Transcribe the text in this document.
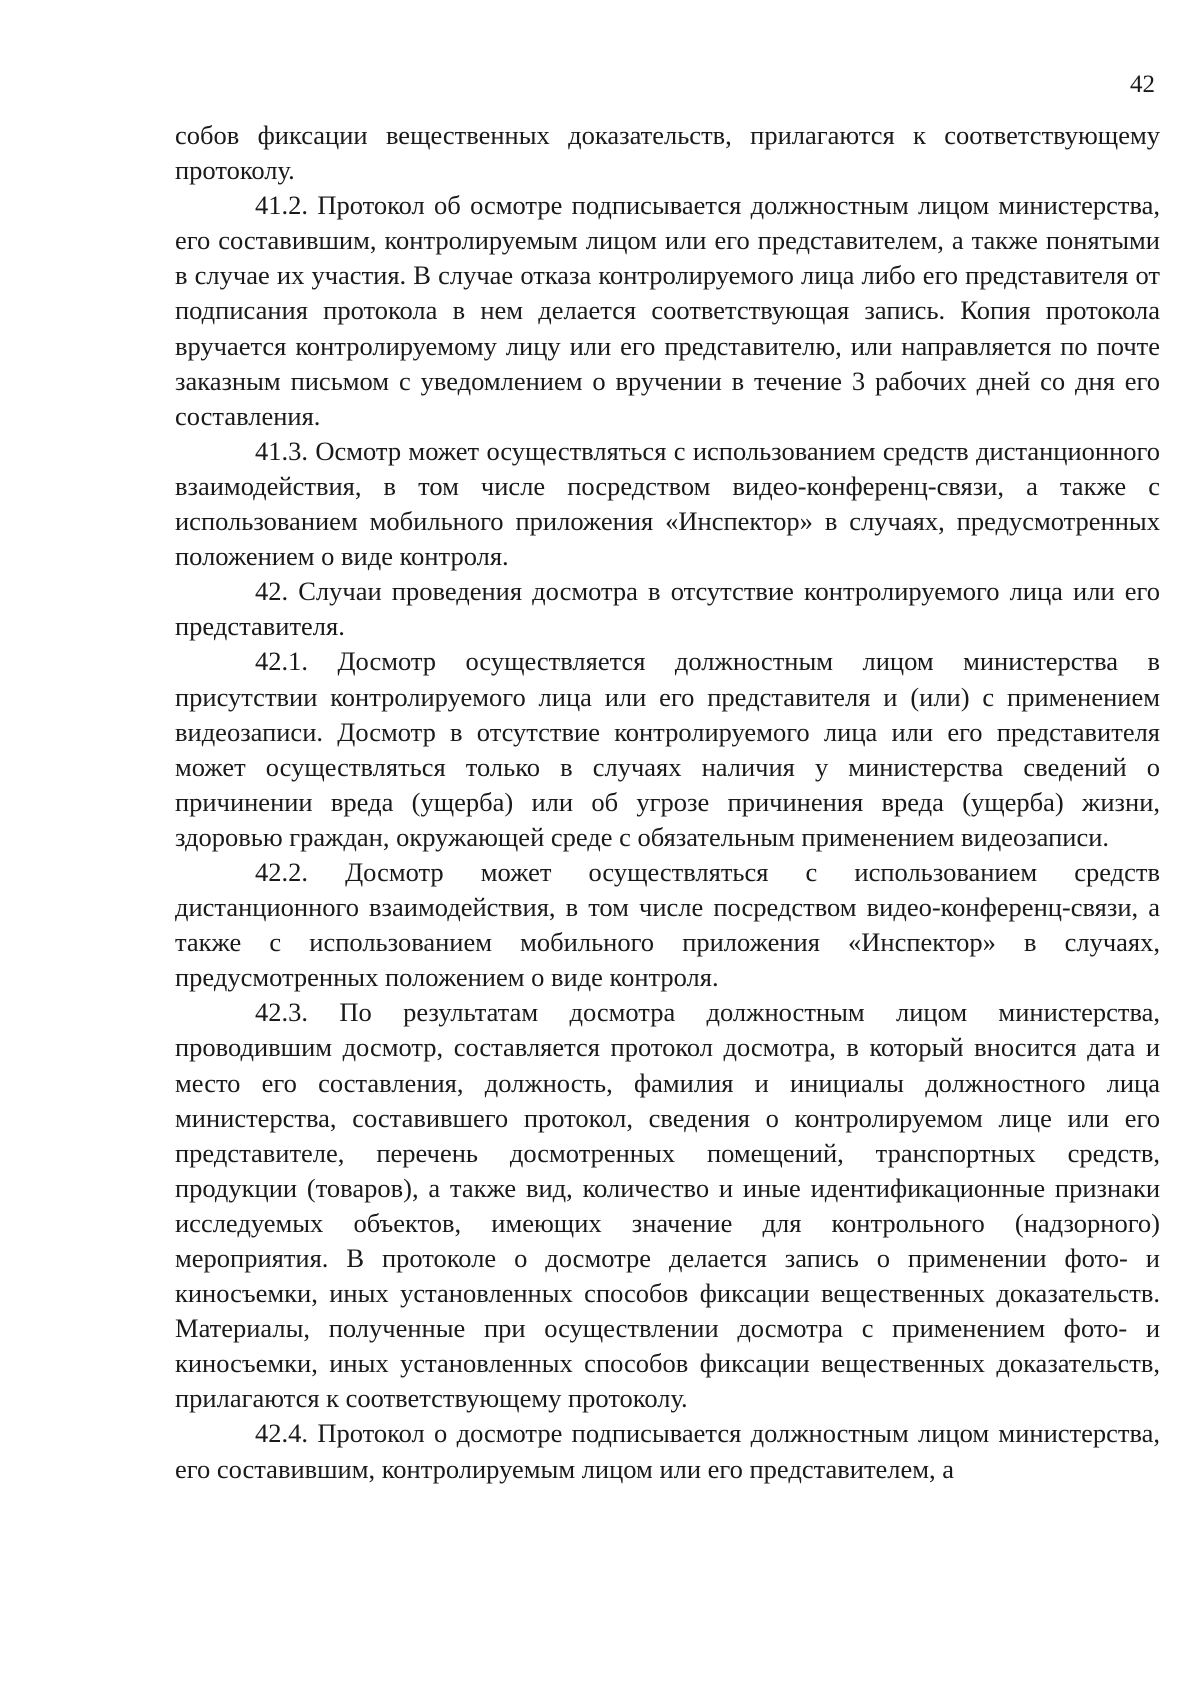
42

собов фиксации вещественных доказательств, прилагаются к соответствующему протоколу.

41.2. Протокол об осмотре подписывается должностным лицом министерства, его составившим, контролируемым лицом или его представителем, а также понятыми в случае их участия. В случае отказа контролируемого лица либо его представителя от подписания протокола в нем делается соответствующая запись. Копия протокола вручается контролируемому лицу или его представителю, или направляется по почте заказным письмом с уведомлением о вручении в течение 3 рабочих дней со дня его составления.

41.3. Осмотр может осуществляться с использованием средств дистанционного взаимодействия, в том числе посредством видео-конференц-связи, а также с использованием мобильного приложения «Инспектор» в случаях, предусмотренных положением о виде контроля.

42. Случаи проведения досмотра в отсутствие контролируемого лица или его представителя.

42.1. Досмотр осуществляется должностным лицом министерства в присутствии контролируемого лица или его представителя и (или) с применением видеозаписи. Досмотр в отсутствие контролируемого лица или его представителя может осуществляться только в случаях наличия у министерства сведений о причинении вреда (ущерба) или об угрозе причинения вреда (ущерба) жизни, здоровью граждан, окружающей среде с обязательным применением видеозаписи.

42.2. Досмотр может осуществляться с использованием средств дистанционного взаимодействия, в том числе посредством видео-конференц-связи, а также с использованием мобильного приложения «Инспектор» в случаях, предусмотренных положением о виде контроля.

42.3. По результатам досмотра должностным лицом министерства, проводившим досмотр, составляется протокол досмотра, в который вносится дата и место его составления, должность, фамилия и инициалы должностного лица министерства, составившего протокол, сведения о контролируемом лице или его представителе, перечень досмотренных помещений, транспортных средств, продукции (товаров), а также вид, количество и иные идентификационные признаки исследуемых объектов, имеющих значение для контрольного (надзорного) мероприятия. В протоколе о досмотре делается запись о применении фото- и киносъемки, иных установленных способов фиксации вещественных доказательств. Материалы, полученные при осуществлении досмотра с применением фото- и киносъемки, иных установленных способов фиксации вещественных доказательств, прилагаются к соответствующему протоколу.

42.4. Протокол о досмотре подписывается должностным лицом министерства, его составившим, контролируемым лицом или его представителем, а
